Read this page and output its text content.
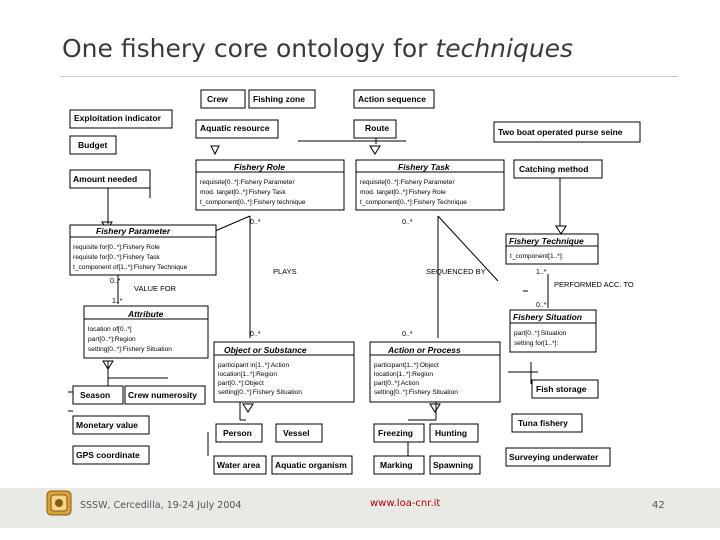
One fishery core ontology for techniques
Crew	Fishing zone	Action sequence
Exploitation indicator
Aquatic resource	Route	Two boat operated purse seine
Budget
Amount needed
Fishery Role
requisite[0..*]:Fishery Parameter
mod. target[0..*]:Fishery Task
t_component[0..*]:Fishery technique
Fishery Task
requisite[0..*]:Fishery Parameter
mod. target[0..*]:Fishery Role
t_component[0..*]:Fishery Technique
Catching method
Fishery Parameter
requisite for[0..*]:Fishery Role
requisite for[0..*]:Fishery Task
t_component of[1..*]:Fishery Technique
Fishery Technique
t_component[1..*]:
0..*	0..*
PLAYS	SEQUENCED BY	1..*
PERFORMED ACC. TO
0..*
VALUE FOR
1..*
0..*
0..*	0..*
Attribute
location of[0..*]
part[0..*]:Region
setting[0..*]:Fishery Situation
Fishery Situation
part[0..*]:Situation
setting for[1..*]:
Object or Substance
participant in[1..*]:Action
location[1..*]:Region
part[0..*]:Object
setting[0..*]:Fishery Situation
Action or Process
participant[1..*]:Object
location[1..*]:Region
part[0..*]:Action
setting[0..*]:Fishery Situation	Fish storage
Tuna fishery
Surveying underwater
Season Crew numerosity
Monetary value
GPS coordinate
Person	Vessel
Water area Aquatic organism
Freezing	Hunting
Marking Spawning
SSSW, Cercedilla, 19-24 July 2004	www.loa-cnr.it	42
